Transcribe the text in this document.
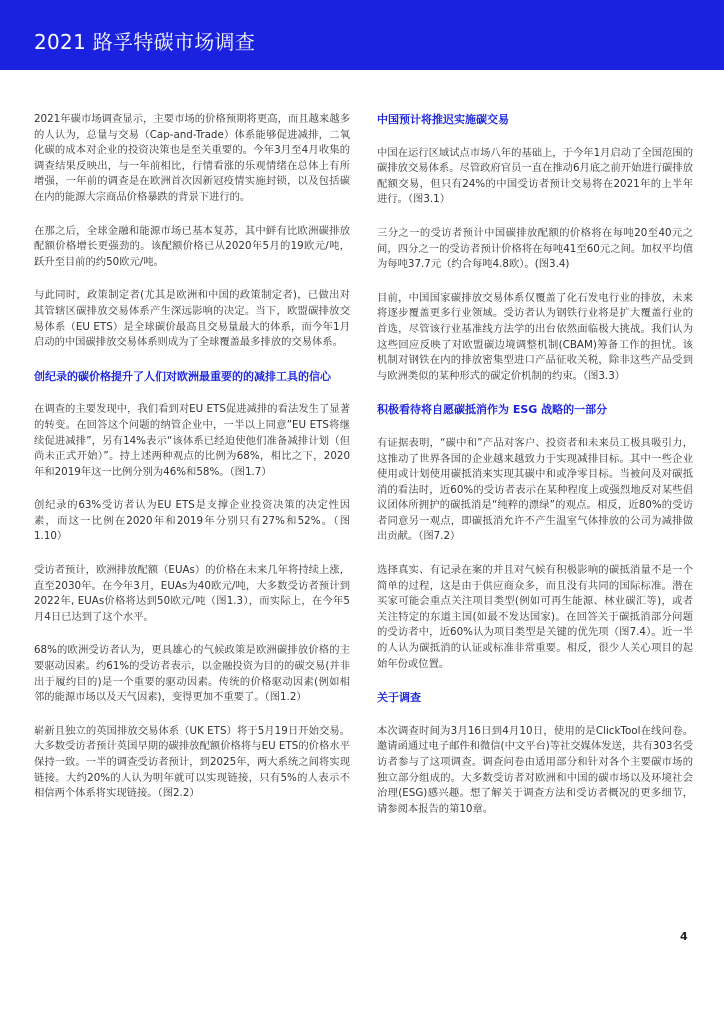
2021 路孚特碳市场调查

2021年碳市场调查显示，主要市场的价格预期将更高，而且越来越多的人认为，总量与交易（Cap-and-Trade）体系能够促进减排，二氧化碳的成本对企业的投资决策也是至关重要的。今年3月至4月收集的调查结果反映出，与一年前相比，行情看涨的乐观情绪在总体上有所增强，一年前的调查是在欧洲首次因新冠疫情实施封锁，以及包括碳在内的能源大宗商品价格暴跌的背景下进行的。

在那之后，全球金融和能源市场已基本复苏，其中鲜有比欧洲碳排放配额价格增长更强劲的。该配额价格已从2020年5月的19欧元/吨，跃升至目前的约50欧元/吨。

与此同时，政策制定者(尤其是欧洲和中国的政策制定者)，已做出对其管辖区碳排放交易体系产生深远影响的决定。当下，欧盟碳排放交易体系（EU ETS）是全球碳价最高且交易量最大的体系，而今年1月启动的中国碳排放交易体系则成为了全球覆盖最多排放的交易体系。

创纪录的碳价格提升了人们对欧洲最重要的的减排工具的信心

在调查的主要发现中，我们看到对EU ETS促进减排的看法发生了显著的转变。在回答这个问题的纳管企业中，一半以上同意”EU ETS将继续促进减排”，另有14%表示“该体系已经迫使他们准备减排计划（但尚未正式开始）”。持上述两种观点的比例为68%，相比之下，2020年和2019年这一比例分别为46%和58%。（图1.7）

创纪录的63%受访者认为EU ETS是支撑企业投资决策的决定性因素，而这一比例在2020年和2019年分别只有27%和52%。（图1.10）

受访者预计，欧洲排放配额（EUAs）的价格在未来几年将持续上涨，直至2030年。在今年3月，EUAs为40欧元/吨，大多数受访者预计到2022年, EUAs价格将达到50欧元/吨（图1.3），而实际上，在今年5月4日已达到了这个水平。

68%的欧洲受访者认为，更具雄心的气候政策是欧洲碳排放价格的主要驱动因素。约61%的受访者表示，以金融投资为目的的碳交易(并非出于履约目的)是一个重要的驱动因素。传统的价格驱动因素(例如相邻的能源市场以及天气因素)，变得更加不重要了。（图1.2）

崭新且独立的英国排放交易体系（UK ETS）将于5月19日开始交易。大多数受访者预计英国早期的碳排放配额价格将与EU ETS的价格水平保持一致。一半的调查受访者预计，到2025年，两大系统之间将实现链接。大约20%的人认为明年就可以实现链接，只有5%的人表示不相信两个体系将实现链接。（图2.2）

中国预计将推迟实施碳交易

中国在运行区域试点市场八年的基础上，于今年1月启动了全国范围的碳排放交易体系。尽管政府官员一直在推动6月底之前开始进行碳排放配额交易，但只有24%的中国受访者预计交易将在2021年的上半年进行。（图3.1）

三分之一的受访者预计中国碳排放配额的价格将在每吨20至40元之间，四分之一的受访者预计价格将在每吨41至60元之间。加权平均值为每吨37.7元（约合每吨4.8欧）。(图3.4)

目前，中国国家碳排放交易体系仅覆盖了化石发电行业的排放，未来将逐步覆盖更多行业领域。受访者认为钢铁行业将是扩大覆盖行业的首选，尽管该行业基准线方法学的出台依然面临极大挑战。我们认为这些回应反映了对欧盟碳边境调整机制(CBAM)筹备工作的担忧。该机制对钢铁在内的排放密集型进口产品征收关税，除非这些产品受到与欧洲类似的某种形式的碳定价机制的约束。（图3.3）

积极看待将自愿碳抵消作为 ESG 战略的一部分

有证据表明，“碳中和”产品对客户、投资者和未来员工极具吸引力，这推动了世界各国的企业越来越致力于实现减排目标。其中一些企业使用或计划使用碳抵消来实现其碳中和或净零目标。当被问及对碳抵消的看法时，近60%的受访者表示在某种程度上或强烈地反对某些倡议团体所拥护的碳抵消是“纯粹的漂绿”的观点。相反，近80%的受访者同意另一观点，即碳抵消允许不产生温室气体排放的公司为减排做出贡献。（图7.2）

选择真实、有记录在案的并且对气候有积极影响的碳抵消量不是一个简单的过程，这是由于供应商众多，而且没有共同的国际标准。潜在买家可能会重点关注项目类型(例如可再生能源、林业碳汇等)，或者关注特定的东道主国(如最不发达国家)。在回答关于碳抵消部分问题的受访者中，近60%认为项目类型是关键的优先项（图7.4）。近一半的人认为碳抵消的认证或标准非常重要。相反，很少人关心项目的起始年份或位置。

关于调查

本次调查时间为3月16日到4月10日，使用的是ClickTool在线问卷。邀请函通过电子邮件和微信(中文平台)等社交媒体发送，共有303名受访者参与了这项调查。调查问卷由适用部分和针对各个主要碳市场的独立部分组成的。大多数受访者对欧洲和中国的碳市场以及环境社会治理(ESG)感兴趣。想了解关于调查方法和受访者概况的更多细节，请参阅本报告的第10章。

4
